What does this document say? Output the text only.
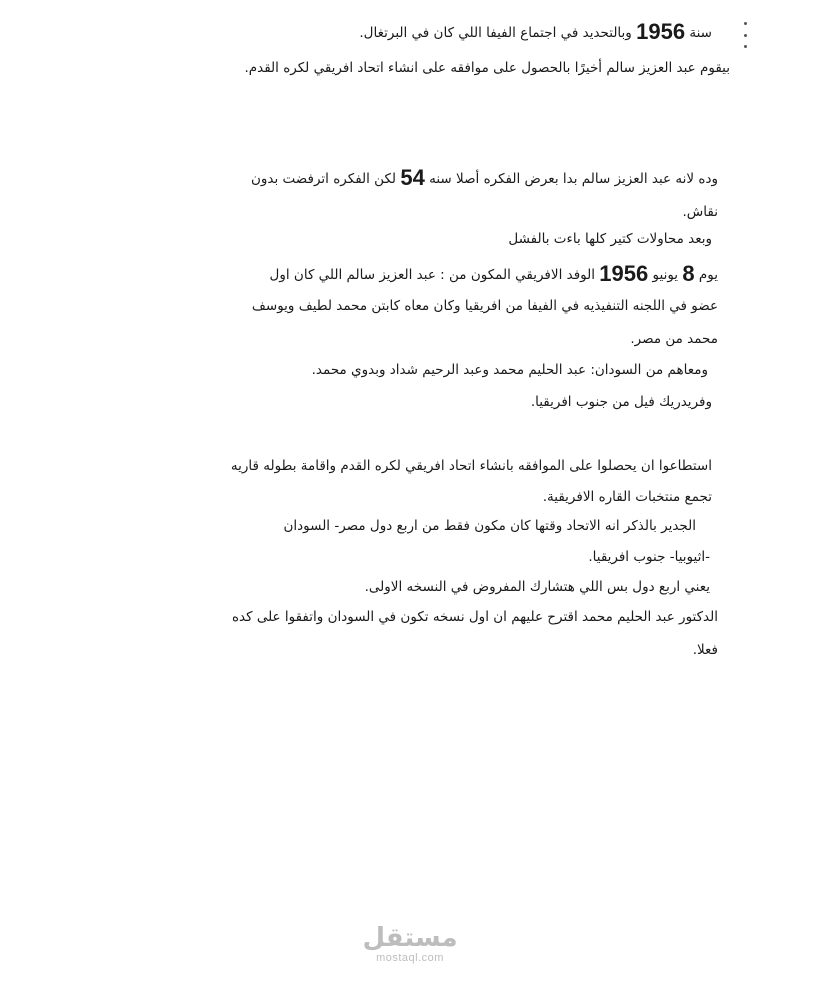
سنة 1956 وبالتحديد في اجتماع الفيفا اللي كان في البرتغال.
بيقوم عبد العزيز سالم أخيرًا بالحصول على موافقه على انشاء اتحاد افريقي لكره القدم.
وده لانه عبد العزيز سالم بدا بعرض الفكره أصلا سنه 54 لكن الفكره اترفضت بدون
نقاش.
وبعد محاولات كتير كلها باءت بالفشل
يوم 8 يونيو 1956 الوفد الافريقي المكون من : عبد العزيز سالم اللي كان اول
عضو في اللجنه التنفيذيه في الفيفا من افريقيا وكان معاه كابتن محمد لطيف ويوسف
محمد من مصر.
ومعاهم من السودان: عبد الحليم محمد وعبد الرحيم شداد وبدوي محمد.
وفريدريك فيل من جنوب افريقيا.
استطاعوا ان يحصلوا على الموافقه بانشاء اتحاد افريقي لكره القدم واقامة بطوله قاريه
تجمع منتخبات القاره الافريقية.
الجدير بالذكر انه الاتحاد وقتها كان مكون فقط من اربع دول مصر- السودان
-اثيوبيا- جنوب افريقيا.
يعني اربع دول بس اللي هتشارك المفروض في النسخه الاولى.
الدكتور عبد الحليم محمد اقترح عليهم ان اول نسخه تكون في السودان واتفقوا على كده
فعلا.
مستقل
mostaql.com
